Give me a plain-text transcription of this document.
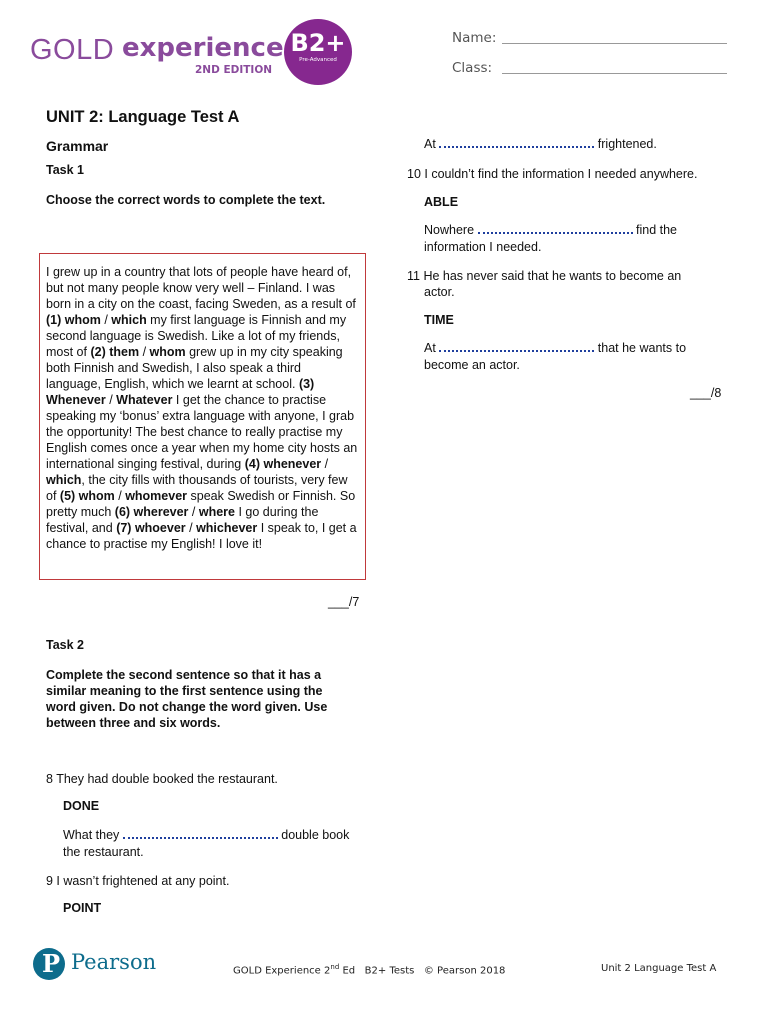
GOLD experience
2ND EDITION
B2+
Pre-Advanced
Name:
Class:
UNIT 2: Language Test A
Grammar
Task 1
Choose the correct words to complete the text.
I grew up in a country that lots of people have heard of, but not many people know very well – Finland. I was born in a city on the coast, facing Sweden, as a result of (1) whom / which my first language is Finnish and my second language is Swedish. Like a lot of my friends, most of (2) them / whom grew up in my city speaking both Finnish and Swedish, I also speak a third language, English, which we learnt at school. (3) Whenever / Whatever I get the chance to practise speaking my ‘bonus’ extra language with anyone, I grab the opportunity! The best chance to really practise my English comes once a year when my home city hosts an international singing festival, during (4) whenever / which, the city fills with thousands of tourists, very few of (5) whom / whomever speak Swedish or Finnish. So pretty much (6) wherever / where I go during the festival, and (7) whoever / whichever I speak to, I get a chance to practise my English! I love it!
___/7
Task 2
Complete the second sentence so that it has a similar meaning to the first sentence using the word given. Do not change the word given. Use between three and six words.
8 They had double booked the restaurant.
DONE
What they	double book
the restaurant.
9 I wasn’t frightened at any point.
POINT
At	frightened.
10 I couldn’t find the information I needed anywhere.
ABLE
Nowhere	find the
information I needed.
11 He has never said that he wants to become an
actor.
TIME
At	that he wants to
become an actor.
___/8
P Pearson	GOLD Experience 2nd Ed   B2+ Tests   © Pearson 2018	Unit 2 Language Test A
